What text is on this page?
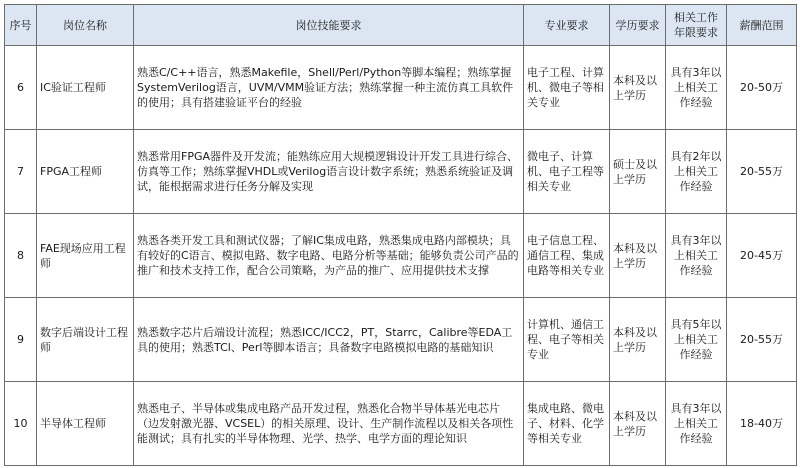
序号	岗位名称	岗位技能要求	专业要求	学历要求	相关工作年限要求	薪酬范围
6	IC验证工程师	熟悉C/C++语言，熟悉Makefile，Shell/Perl/Python等脚本编程；熟练掌握SystemVerilog语言，UVM/VMM验证方法；熟练掌握一种主流仿真工具软件的使用；具有搭建验证平台的经验	电子工程、计算机、微电子等相关专业	本科及以上学历	具有3年以上相关工作经验	20-50万
7	FPGA工程师	熟悉常用FPGA器件及开发流；能熟练应用大规模逻辑设计开发工具进行综合、仿真等工作；熟练掌握VHDL或Verilog语言设计数字系统；熟悉系统验证及调试，能根据需求进行任务分解及实现	微电子、计算机、电子工程等相关专业	硕士及以上学历	具有2年以上相关工作经验	20-55万
8	FAE现场应用工程师	熟悉各类开发工具和测试仪器；了解IC集成电路，熟悉集成电路内部模块；具有较好的C语言、模拟电路、数字电路、电路分析等基础；能够负责公司产品的推广和技术支持工作，配合公司策略，为产品的推广、应用提供技术支撑	电子信息工程、通信工程、集成电路等相关专业	本科及以上学历	具有3年以上相关工作经验	20-45万
9	数字后端设计工程师	熟悉数字芯片后端设计流程；熟悉ICC/ICC2，PT，Starrc，Calibre等EDA工具的使用；熟悉TCl、Perl等脚本语言；具备数字电路模拟电路的基础知识	计算机、通信工程、电子等相关专业	本科及以上学历	具有5年以上相关工作经验	20-55万
10	半导体工程师	熟悉电子、半导体或集成电路产品开发过程，熟悉化合物半导体基光电芯片（边发射激光器、VCSEL）的相关原理、设计、生产制作流程以及相关各项性能测试；具有扎实的半导体物理、光学、热学、电学方面的理论知识	集成电路、微电子、材料、化学等相关专业	本科及以上学历	具有3年以上相关工作经验	18-40万
